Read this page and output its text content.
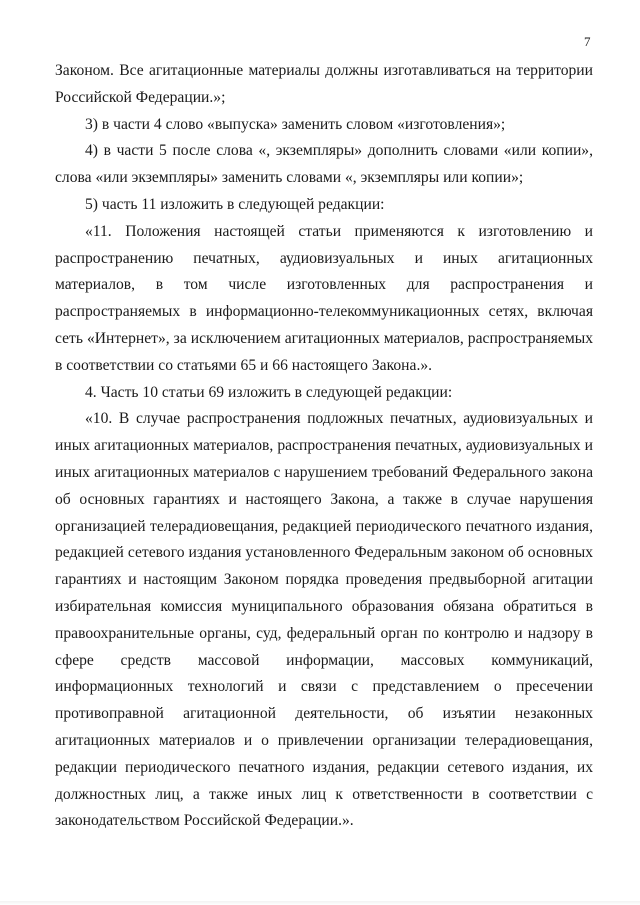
7

Законом. Все агитационные материалы должны изготавливаться на территории Российской Федерации.»;

3) в части 4 слово «выпуска» заменить словом «изготовления»;

4) в части 5 после слова «, экземпляры» дополнить словами «или копии», слова «или экземпляры» заменить словами «, экземпляры или копии»;

5) часть 11 изложить в следующей редакции:

«11. Положения настоящей статьи применяются к изготовлению и распространению печатных, аудиовизуальных и иных агитационных материалов, в том числе изготовленных для распространения и распространяемых в информационно-телекоммуникационных сетях, включая сеть «Интернет», за исключением агитационных материалов, распространяемых в соответствии со статьями 65 и 66 настоящего Закона.».

4. Часть 10 статьи 69 изложить в следующей редакции:

«10. В случае распространения подложных печатных, аудиовизуальных и иных агитационных материалов, распространения печатных, аудиовизуальных и иных агитационных материалов с нарушением требований Федерального закона об основных гарантиях и настоящего Закона, а также в случае нарушения организацией телерадиовещания, редакцией периодического печатного издания, редакцией сетевого издания установленного Федеральным законом об основных гарантиях и настоящим Законом порядка проведения предвыборной агитации избирательная комиссия муниципального образования обязана обратиться в правоохранительные органы, суд, федеральный орган по контролю и надзору в сфере средств массовой информации, массовых коммуникаций, информационных технологий и связи с представлением о пресечении противоправной агитационной деятельности, об изъятии незаконных агитационных материалов и о привлечении организации телерадиовещания, редакции периодического печатного издания, редакции сетевого издания, их должностных лиц, а также иных лиц к ответственности в соответствии с законодательством Российской Федерации.».
